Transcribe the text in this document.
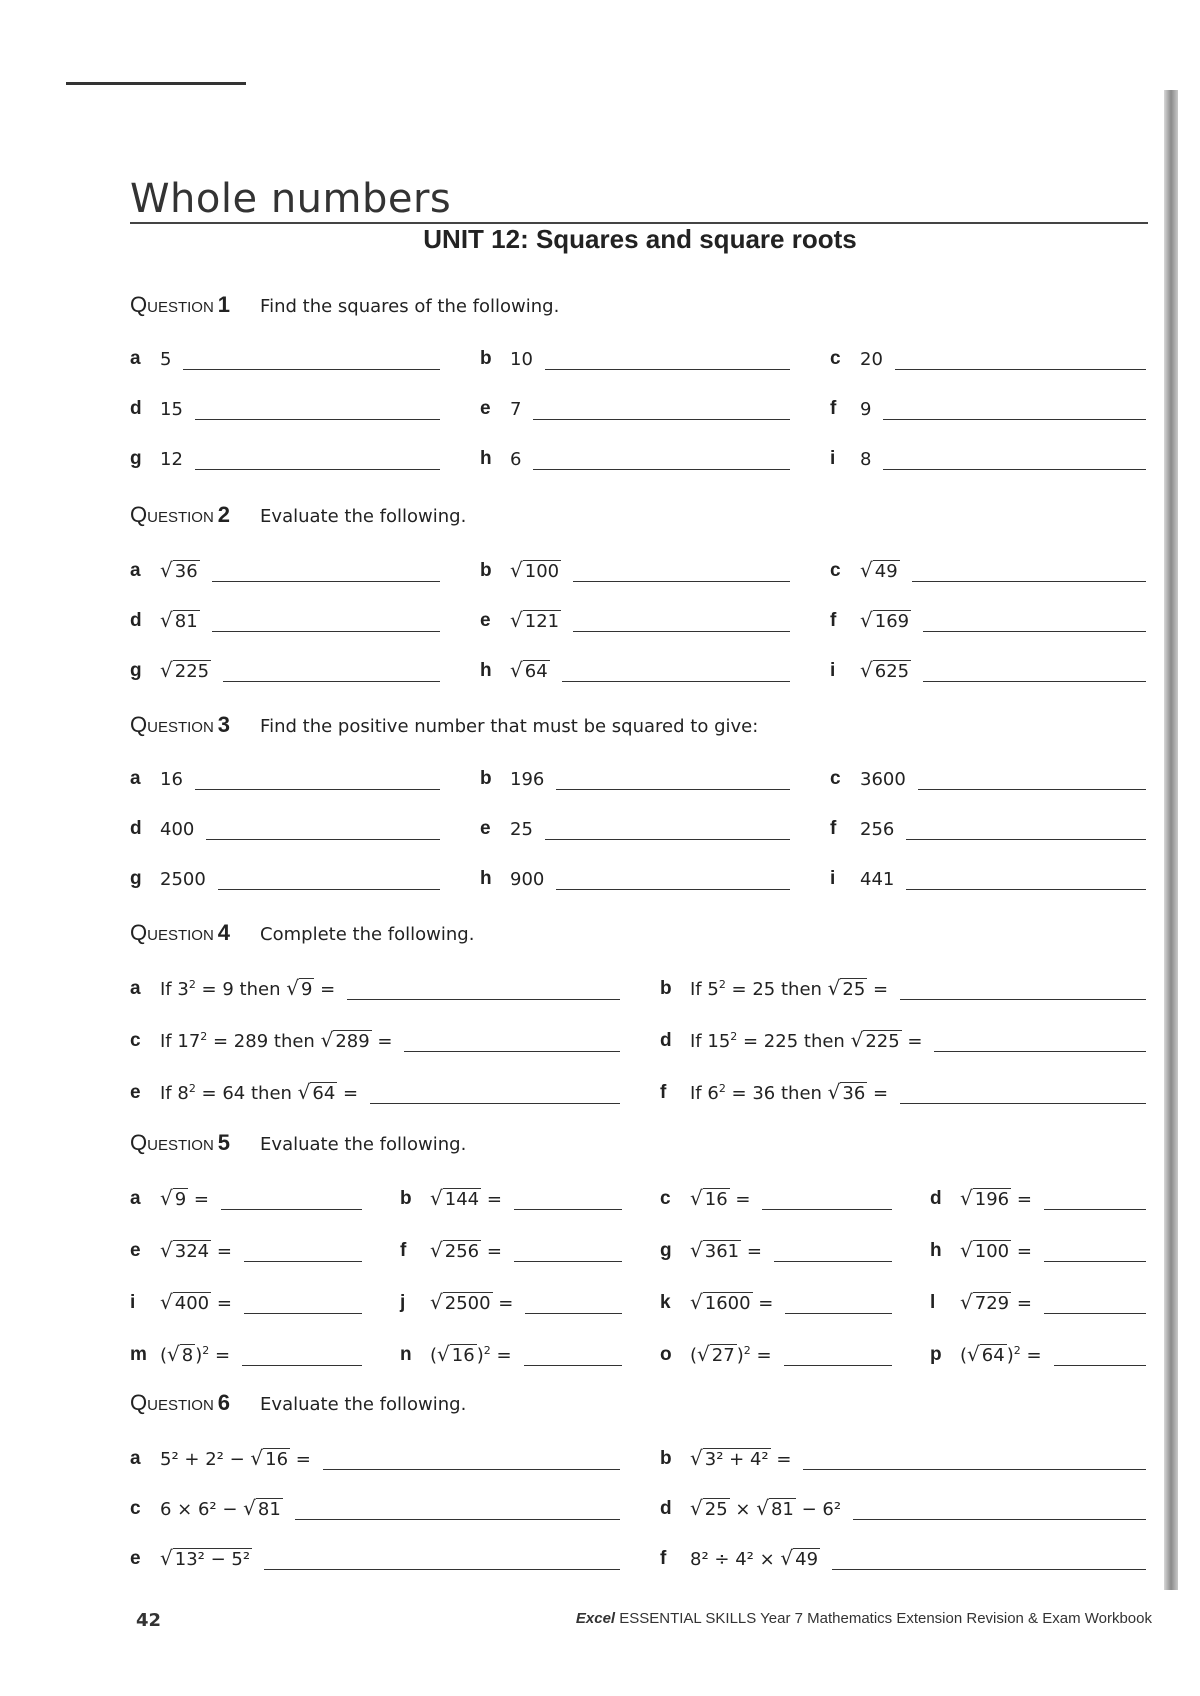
Whole numbers
UNIT 12: Squares and square roots
Question 1 Find the squares of the following.
a	5	b	10	c	20
d	15	e	7	f	9
g	12	h	6	i	8
Question 2 Evaluate the following.
a √ 36	b √ 100	c √ 49
d √ 81	e √ 121	f	√ 169
g √ 225	h √ 64	i	√ 625
Question 3 Find the positive number that must be squared to give:
a	16	b	196	c	3600
d	400	e	25	f	256
g	2500	h	900	i	441
Question 4 Complete the following.
a	If $3^2 = 9$ then √ 9 =	b	If $5^2 = 25$ then √ 25 =
c	If $17^2 = 289$ then √ 289 =	d	If $15^2 = 225$ then √ 225 =
e	If $8^2 = 64$ then √ 64 =	f	If $6^2 = 36$ then √ 36 =
Question 5 Evaluate the following.
a √ 9 =	b √ 144 =	c √ 16 =	d √ 196 =
e √ 324 =	f	√ 256 =	g √ 361 =	h √ 100 =
i	√ 400 =	j	√ 2500 =	k √ 1600 =	l	√ 729 =
m (√ 8 )$^2$ =	n	(√ 16 )$^2$ =	o	(√ 27 )$^2$ =	p	(√ 64 )$^2$ =
Question 6 Evaluate the following.
a	5² + 2² − √ 16 =	b √ 3² + 4² =
c	6 × 6² − √ 81	d √ 25 × √ 81 − 6²
e √ 13² − 5²	f	8² ÷ 4² × √ 49
42	Excel ESSENTIAL SKILLS Year 7 Mathematics Extension Revision & Exam Workbook
